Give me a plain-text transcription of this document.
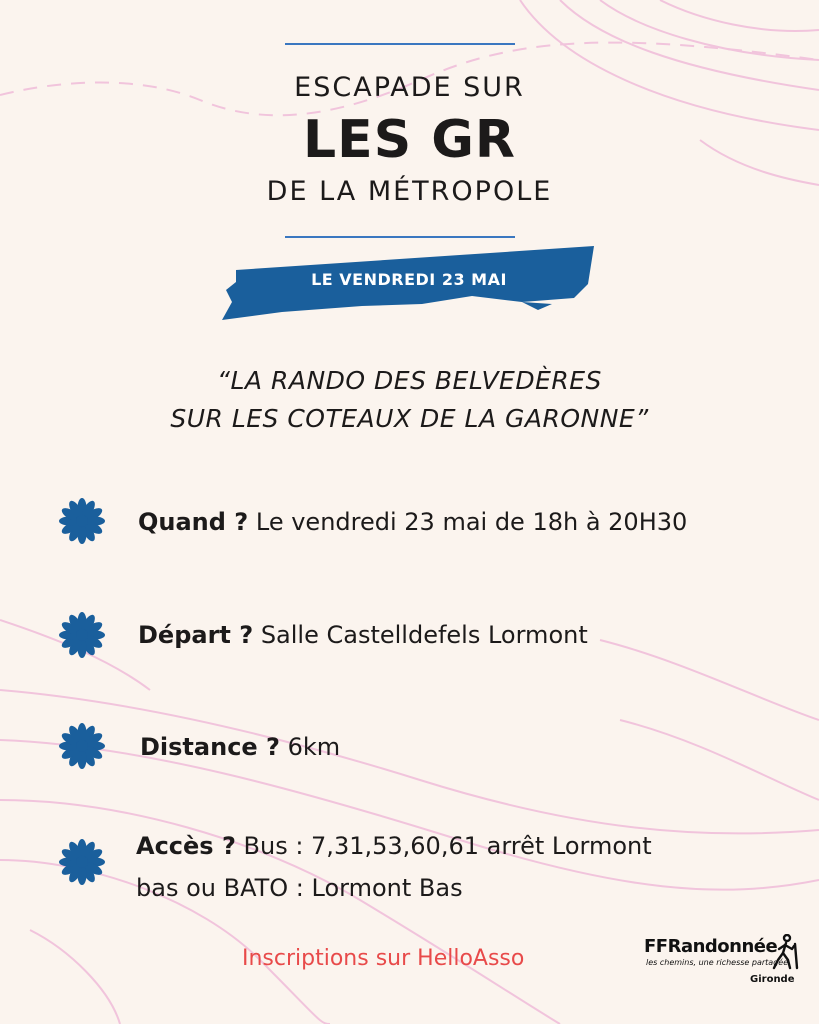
ESCAPADE SUR
LES GR
DE LA MÉTROPOLE
LE VENDREDI 23 MAI
“LA RANDO DES BELVEDÈRES
SUR LES COTEAUX DE LA GARONNE”
Quand ? Le vendredi 23 mai de 18h à 20H30
Départ ? Salle Castelldefels Lormont
Distance ? 6km
Accès ? Bus : 7,31,53,60,61 arrêt Lormont
bas ou BATO : Lormont Bas
Inscriptions sur HelloAsso	FFRandonnée
les chemins, une richesse partagée
Gironde
